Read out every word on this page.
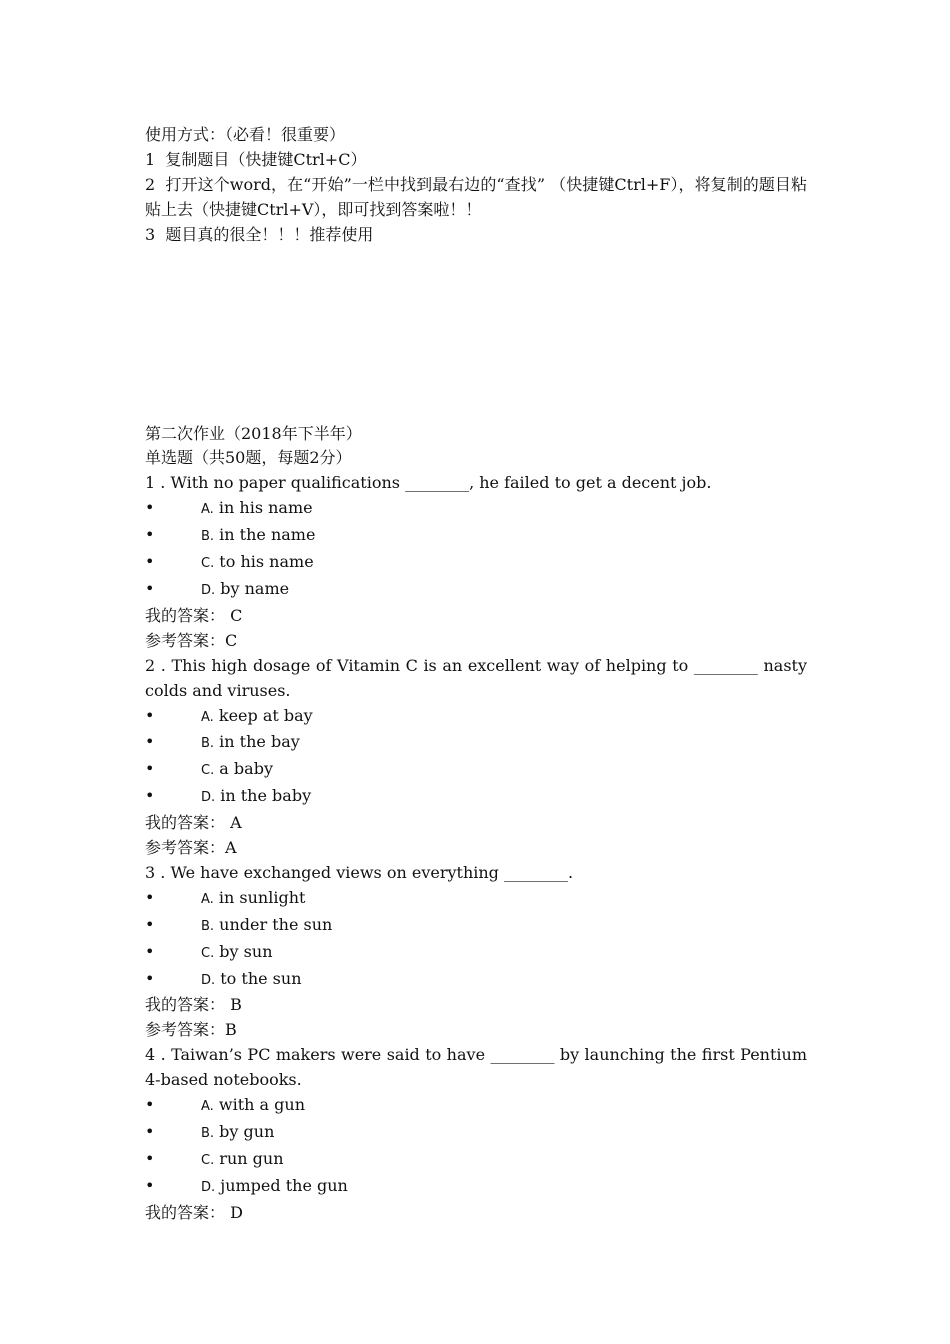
使用方式：（必看！很重要）

1  复制题目（快捷键Ctrl+C）

2  打开这个word，在“开始”一栏中找到最右边的“查找” （快捷键Ctrl+F），将复制的题目粘贴上去（快捷键Ctrl+V），即可找到答案啦！！

3  题目真的很全！！！推荐使用

第二次作业（2018年下半年）

单选题（共50题，每题2分）

1 . With no paper qualifications ________, he failed to get a decent job.

•	A. in his name
•	B. in the name
•	C. to his name
•	D. by name

我的答案： C

参考答案：C

2 . This high dosage of Vitamin C is an excellent way of helping to ________ nasty colds and viruses.

•	A. keep at bay
•	B. in the bay
•	C. a baby
•	D. in the baby

我的答案： A

参考答案：A

3 . We have exchanged views on everything ________.

•	A. in sunlight
•	B. under the sun
•	C. by sun
•	D. to the sun

我的答案： B

参考答案：B

4 . Taiwan’s PC makers were said to have ________ by launching the first Pentium 4-based notebooks.

•	A. with a gun
•	B. by gun
•	C. run gun
•	D. jumped the gun

我的答案： D
